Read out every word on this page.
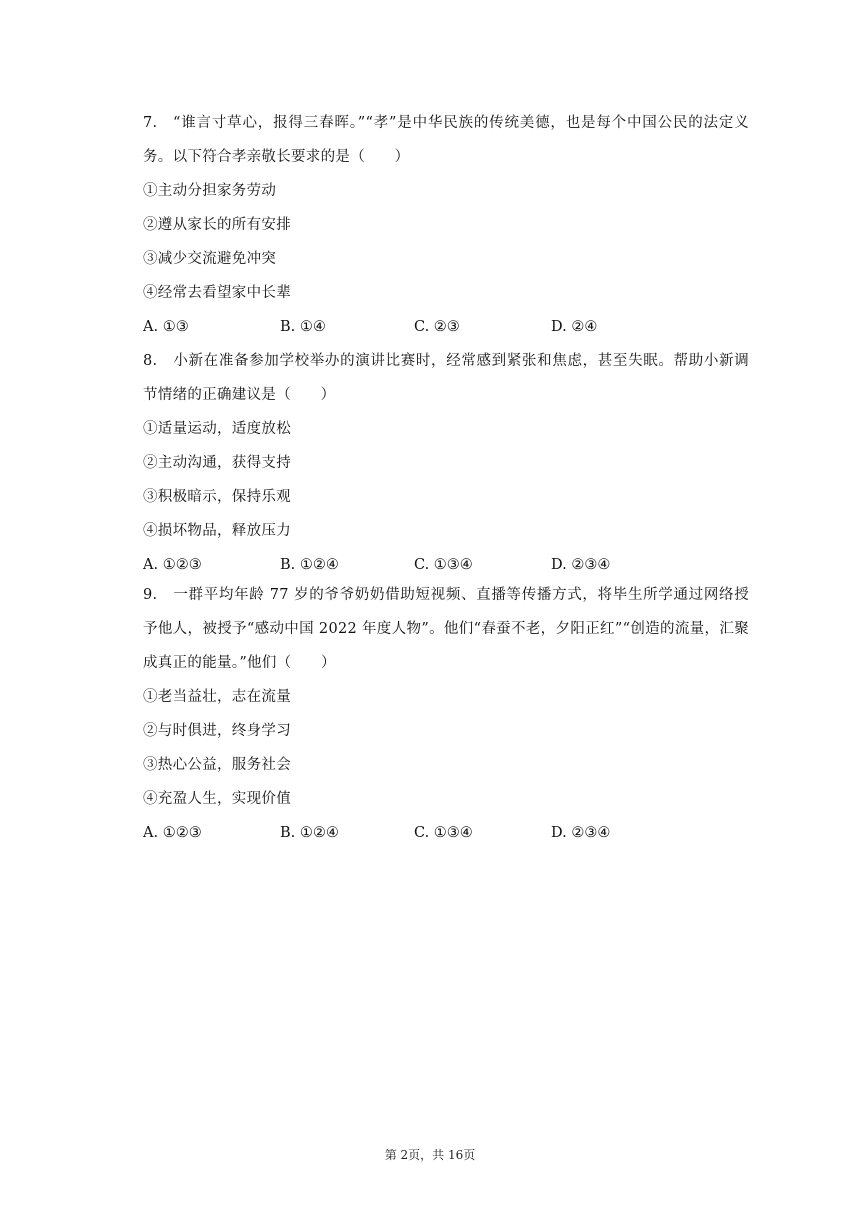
7. “谁言寸草心，报得三春晖。”“孝”是中华民族的传统美德，也是每个中国公民的法定义务。以下符合孝亲敬长要求的是（　　）

①主动分担家务劳动

②遵从家长的所有安排

③减少交流避免冲突

④经常去看望家中长辈

A. ①③	B. ①④	C. ②③	D. ②④

8. 小新在准备参加学校举办的演讲比赛时，经常感到紧张和焦虑，甚至失眠。帮助小新调节情绪的正确建议是（　　）

①适量运动，适度放松

②主动沟通，获得支持

③积极暗示，保持乐观

④损坏物品，释放压力

A. ①②③	B. ①②④	C. ①③④	D. ②③④

9. 一群平均年龄 77 岁的爷爷奶奶借助短视频、直播等传播方式，将毕生所学通过网络授予他人，被授予“感动中国 2022 年度人物”。他们“春蚕不老，夕阳正红”“创造的流量，汇聚成真正的能量。”他们（　　）

①老当益壮，志在流量

②与时俱进，终身学习

③热心公益，服务社会

④充盈人生，实现价值

A. ①②③	B. ①②④	C. ①③④	D. ②③④
第 2页，共 16页
